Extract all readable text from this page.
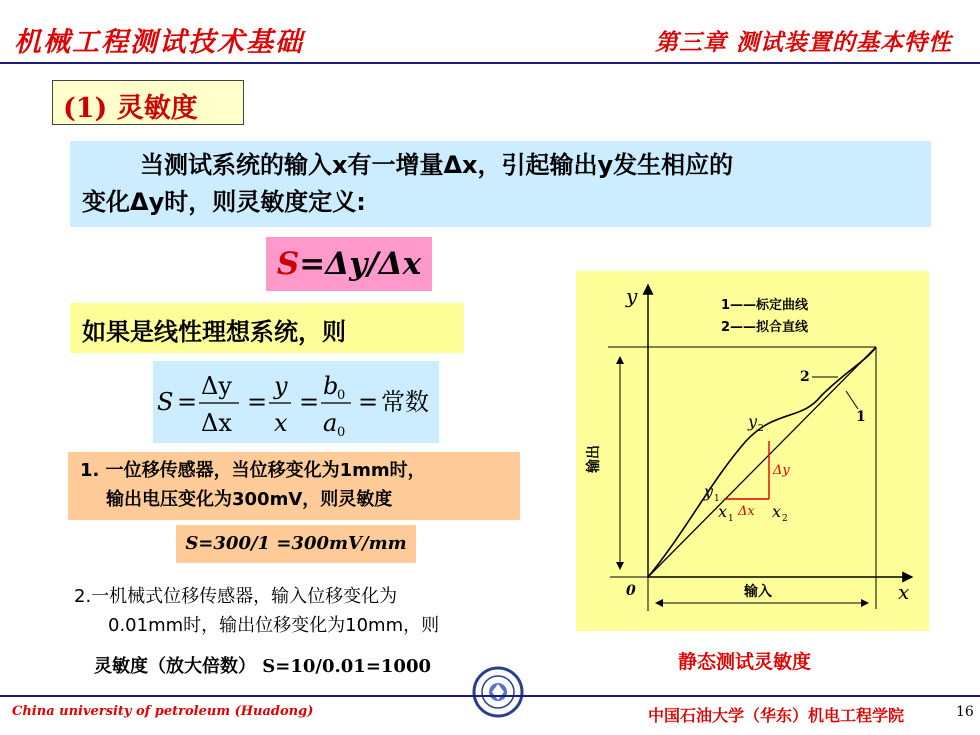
机械工程测试技术基础	第三章 测试装置的基本特性
(1) 灵敏度
当测试系统的输入x有一增量Δx，引起输出y发生相应的
变化Δy时，则灵敏度定义:
S=Δy/Δx
如果是线性理想系统，则
S =
Δy
Δx
=
y
x
=
b
0
a 0
= 常数
1. 一位移传感器，当位移变化为1mm时，
输出电压变化为300mV，则灵敏度
S=300/1 =300mV/mm
2.一机械式位移传感器，输入位移变化为
0.01mm时，输出位移变化为10mm，则
灵敏度（放大倍数） S=10/0.01=1000
y
x
0
1——标定曲线
2——拟合直线
输出
输入
2
1
y 2
y 1
x 1 x 2
Δx
Δy
静态测试灵敏度
China university of petroleum (Huadong)	中国石油大学（华东）机电工程学院	16
